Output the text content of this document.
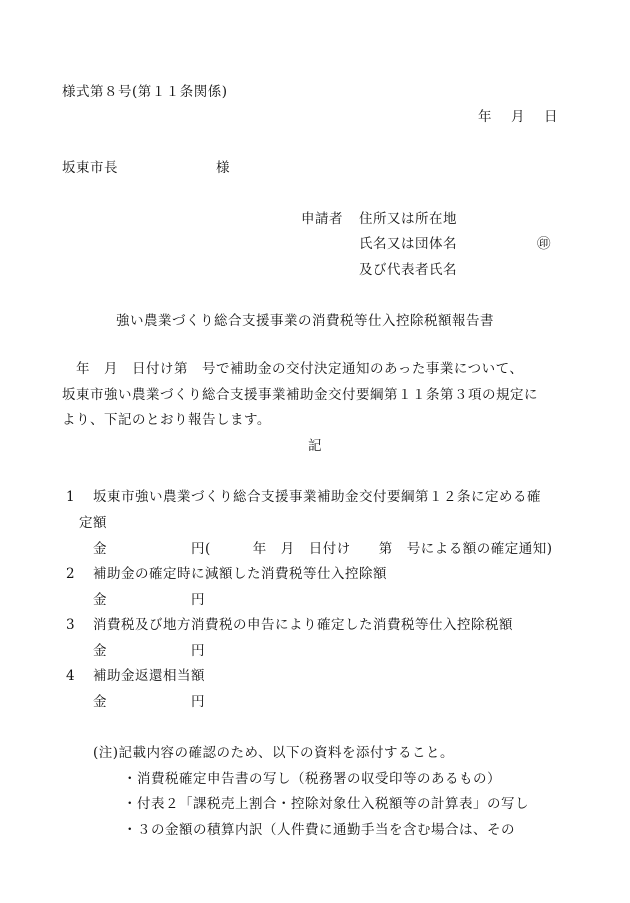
様式第８号(第１１条関係)
年　月　日
坂東市長　　　　　　　様
申請者 住所又は所在地
氏名又は団体名	㊞
及び代表者氏名
強い農業づくり総合支援事業の消費税等仕入控除税額報告書
　年　月　日付け第　号で補助金の交付決定通知のあった事業について、
坂東市強い農業づくり総合支援事業補助金交付要綱第１１条第３項の規定に
より、下記のとおり報告します。
記
1 坂東市強い農業づくり総合支援事業補助金交付要綱第１２条に定める確
定額
金　　　　　　円(　　　年　月　日付け　　第　号による額の確定通知)
2 補助金の確定時に減額した消費税等仕入控除額
金　　　　　　円
3 消費税及び地方消費税の申告により確定した消費税等仕入控除税額
金　　　　　　円
4 補助金返還相当額
金　　　　　　円
(注)記載内容の確認のため、以下の資料を添付すること。
・消費税確定申告書の写し（税務署の収受印等のあるもの）
・付表２「課税売上割合・控除対象仕入税額等の計算表」の写し
・３の金額の積算内訳（人件費に通勤手当を含む場合は、その
